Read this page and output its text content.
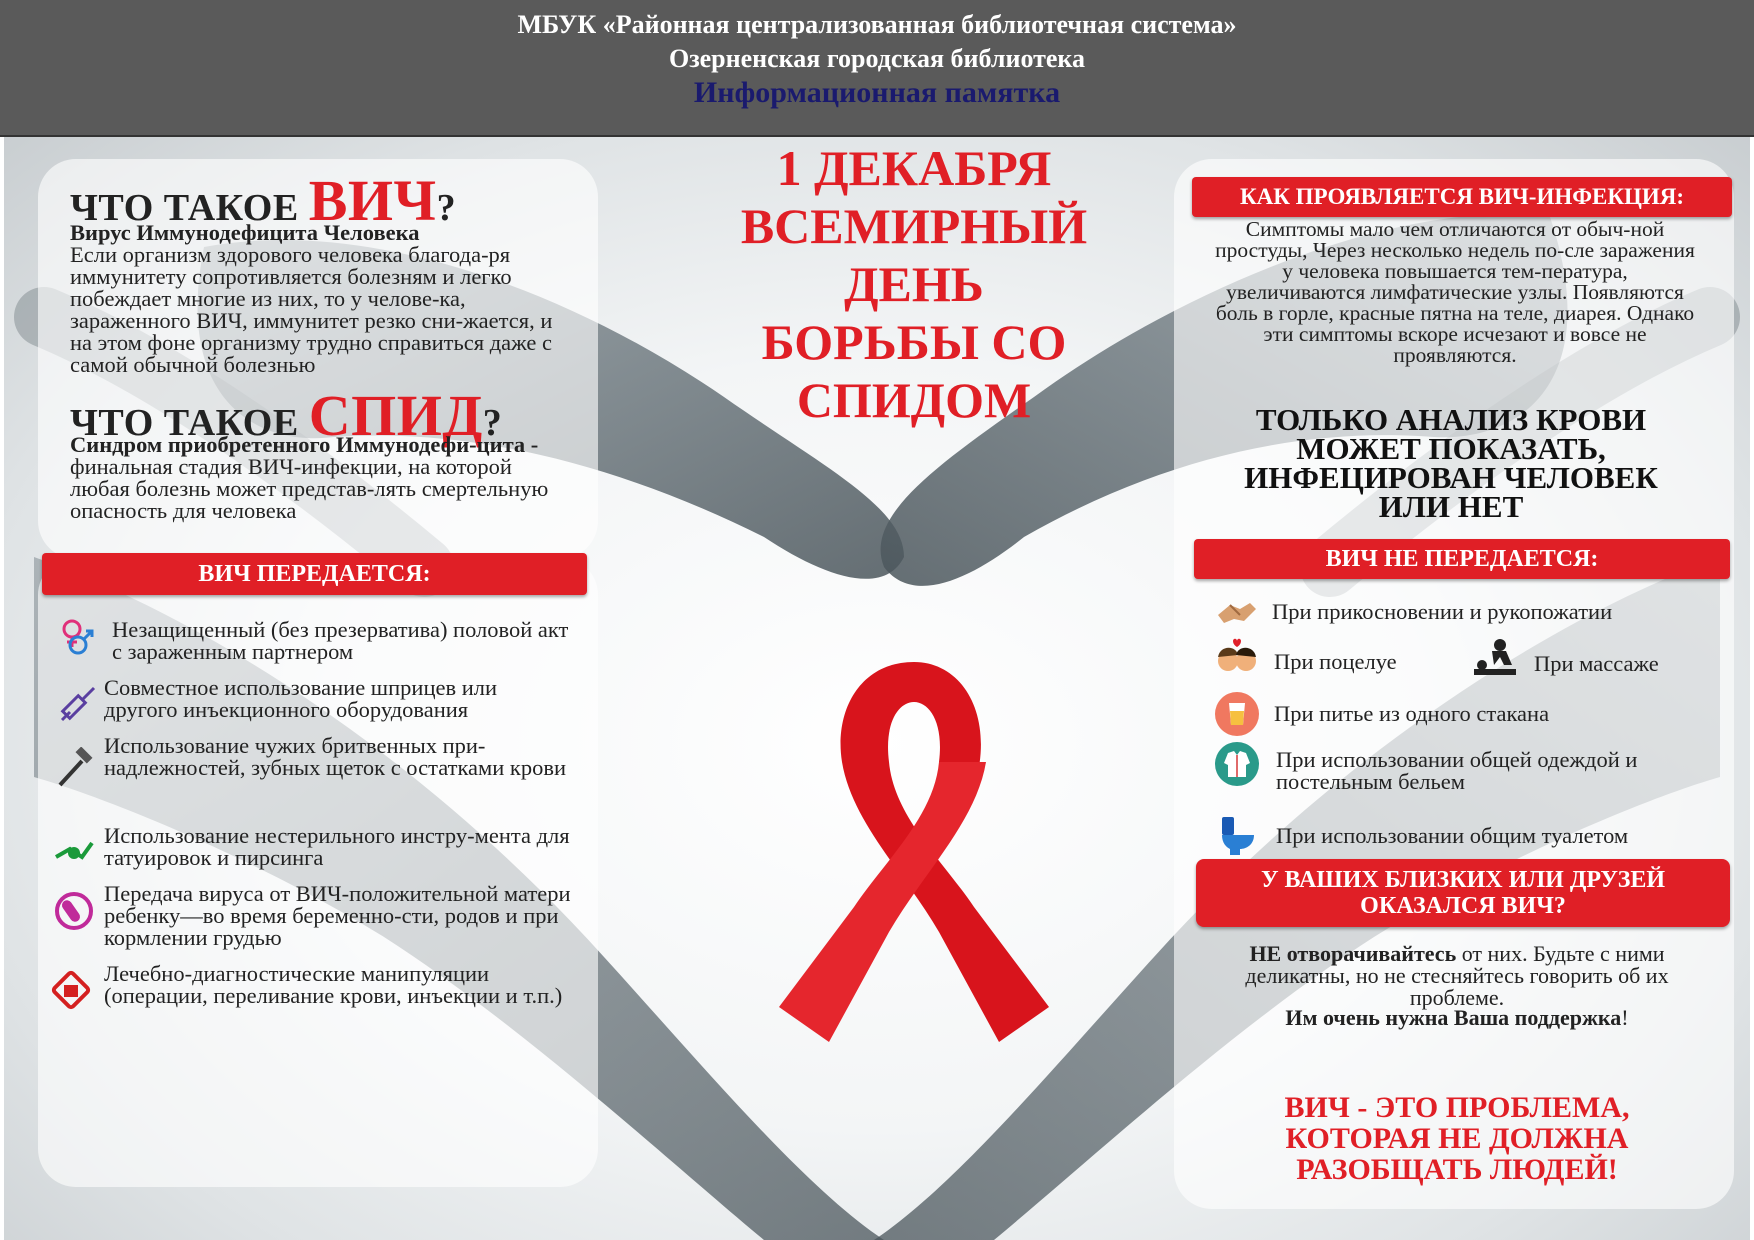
МБУК «Районная централизованная библиотечная система»
Озерненская городская библиотека
Информационная памятка
1 ДЕКАБРЯ
ВСЕМИРНЫЙ
ДЕНЬ
БОРЬБЫ СО
СПИДОМ
ЧТО ТАКОЕ ВИЧ?
Вирус Иммунодефицита Человека
Если организм здорового человека благода-ря иммунитету сопротивляется болезням и легко побеждает многие из них, то у челове-ка, зараженного ВИЧ, иммунитет резко сни-жается, и на этом фоне организму трудно справиться даже с самой обычной болезнью
ЧТО ТАКОЕ СПИД?
Синдром приобретенного Иммунодефи-цита - финальная стадия ВИЧ-инфекции, на которой любая болезнь может представ-лять смертельную опасность для человека
ВИЧ ПЕРЕДАЕТСЯ:
Незащищенный (без презерватива) половой акт с зараженным партнером
Совместное использование шприцев или другого инъекционного оборудования
Использование чужих бритвенных при-надлежностей, зубных щеток с остатками крови
Использование нестерильного инстру-мента для татуировок и пирсинга
Передача вируса от ВИЧ-положительной матери ребенку—во время беременно-сти, родов и при кормлении грудью
Лечебно-диагностические манипуляции (операции, переливание крови, инъекции и т.п.)
КАК ПРОЯВЛЯЕТСЯ ВИЧ-ИНФЕКЦИЯ:
Симптомы мало чем отличаются от обыч-ной простуды, Через несколько недель по-сле заражения у человека повышается тем-пература, увеличиваются лимфатические узлы. Появляются боль в горле, красные пятна на теле, диарея. Однако эти симптомы вскоре исчезают и вовсе не проявляются.
ТОЛЬКО АНАЛИЗ КРОВИ МОЖЕТ ПОКАЗАТЬ, ИНФЕЦИРОВАН ЧЕЛОВЕК ИЛИ НЕТ
ВИЧ НЕ ПЕРЕДАЕТСЯ:
При прикосновении и рукопожатии
При поцелуе	При массаже
При питье из одного стакана
При использовании общей одеждой и постельным бельем
При использовании общим туалетом
У ВАШИХ БЛИЗКИХ ИЛИ ДРУЗЕЙ ОКАЗАЛСЯ ВИЧ?
НЕ отворачивайтесь от них. Будьте с ними деликатны, но не стесняйтесь говорить об их проблеме.
Им очень нужна Ваша поддержка!
ВИЧ - ЭТО ПРОБЛЕМА, КОТОРАЯ НЕ ДОЛЖНА РАЗОБЩАТЬ ЛЮДЕЙ!
